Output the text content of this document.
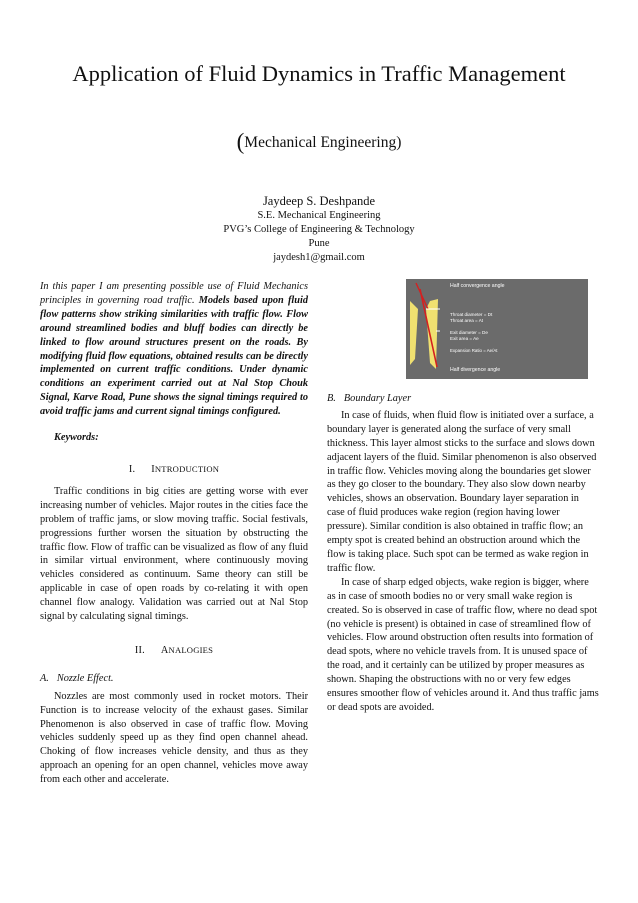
Application of Fluid Dynamics in Traffic Management
(Mechanical Engineering)
Jaydeep S. Deshpande
S.E. Mechanical Engineering
PVG’s College of Engineering & Technology
Pune
jaydesh1@gmail.com

In this paper I am presenting possible use of Fluid Mechanics principles in governing road traffic. Models based upon fluid flow patterns show striking similarities with traffic flow. Flow around streamlined bodies and bluff bodies can directly be linked to flow around structures present on the roads. By modifying fluid flow equations, obtained results can be directly implemented on current traffic conditions. Under dynamic conditions an experiment carried out at Nal Stop Chouk Signal, Karve Road, Pune shows the signal timings required to avoid traffic jams and current signal timings configured.

Keywords:
I. INTRODUCTION

Traffic conditions in big cities are getting worse with ever increasing number of vehicles. Major routes in the cities face the problem of traffic jams, or slow moving traffic. Social festivals, progressions further worsen the situation by obstructing the traffic flow. Flow of traffic can be visualized as flow of any fluid in similar virtual environment, where continuously moving vehicles considered as continuum. Same theory can still be applicable in case of open roads by co-relating it with open channel flow analogy. Validation was carried out at Nal Stop signal by calculating signal timings.

II. ANALOGIES
A. Nozzle Effect.

Nozzles are most commonly used in rocket motors. Their Function is to increase velocity of the exhaust gases. Similar Phenomenon is also observed in case of traffic flow. Moving vehicles suddenly speed up as they find open channel ahead. Choking of flow increases vehicle density, and thus as they approach an opening for an open channel, vehicles move away from each other and accelerate.

Half convergence angle
Throat diameter = Dt
Throat area = At
Exit diameter = De
Exit area = Ae
Expansion Ratio = Ae/At
Half divergence angle
B. Boundary Layer

In case of fluids, when fluid flow is initiated over a surface, a boundary layer is generated along the surface of very small thickness. This layer almost sticks to the surface and slows down adjacent layers of the fluid. Similar phenomenon is also observed in traffic flow. Vehicles moving along the boundaries get slower as they go closer to the boundary. They also slow down nearby vehicles, shows an observation. Boundary layer separation in case of fluid produces wake region (region having lower pressure). Similar condition is also obtained in traffic flow; an empty spot is created behind an obstruction around which the flow is taking place. Such spot can be termed as wake region in traffic flow.

In case of sharp edged objects, wake region is bigger, where as in case of smooth bodies no or very small wake region is created. So is observed in case of traffic flow, where no dead spot (no vehicle is present) is obtained in case of streamlined flow of vehicles. Flow around obstruction often results into formation of dead spots, where no vehicle travels from. It is unused space of the road, and it certainly can be utilized by proper measures as shown. Shaping the obstructions with no or very few edges ensures smoother flow of vehicles around it. And thus traffic jams or dead spots are avoided.
